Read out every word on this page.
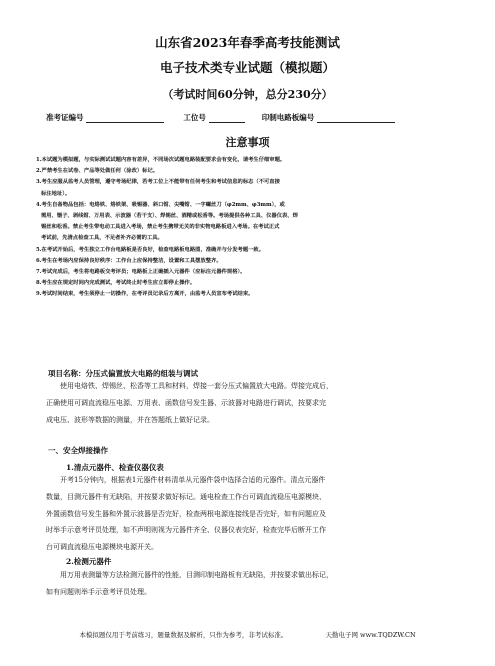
山东省2023年春季高考技能测试
电子技术类专业试题（模拟题）
（考试时间60分钟，总分230分）
准考证编号	工位号	印制电路板编号
注意事项
1.本试题为模拟题，与实际测试试题内容有差异，不同场次试题电路装配要求会有变化，请考生仔细审题。
2.严禁考生在试卷、产品等处做任何（涂改）标记。
3.考生应服从监考人员管理，遵守考场纪律，若考工位上不能带有任何考生和考试信息的标志（不可直接
标注地址）。
4.考生自备物品包括：电烙铁、烙铁架、吸锡器、斜口钳、尖嘴钳、一字螺丝刀（φ2mm、φ3mm），或
需用、镊子、剥线钳、万用表、示波器（若干支）、焊锡丝、酒精或松香等。考场提供各种工具、仪器仪表、焊
锡丝和松香。禁止考生带电动工具进入考场，禁止考生携带无关的非实物电路板进入考场。在考试正式
考试前，先清点检查工具，不足者补齐必需的工具。
5.在考试开始后，考生独立工作台电路板是否良好，检查电路板电路图，准确并与分发考题一致。
6.考生在考场内应保持良好秩序：工作台上应保持整洁，设置和工具摆放整齐。
7.考试完成后，考生将电路板交考评员；电路板上正确插入元器件（应标注元器件规格）。
8.考生应在规定时间内完成测试，考试终止时考生应立即停止操作。
9.考试时间结束，考生须停止一切操作，在考评员记录后方离开，由监考人员宣布考试结束。
项目名称：分压式偏置放大电路的组装与调试
使用电烙铁、焊锡丝、松香等工具和材料，焊接一套分压式偏置放大电路。焊接完成后，
正确使用可调直流稳压电源、万用表、函数信号发生器、示波器对电路进行调试，按要求完
成电压、波形等数据的测量，并在答题纸上做好记录。
一、安全焊接操作
1.清点元器件、检查仪器仪表
开考15分钟内，根据表1元器件材料清单从元器件袋中选择合适的元器件。清点元器件
数量，目测元器件有无缺陷，并按要求做好标记。通电检查工作台可调直流稳压电源模块、
外置函数信号发生器和外置示波器是否完好，检查两根电源连接线是否完好，如有问题应及
时举手示意考评员处理，如不声明则视为元器件齐全、仪器仪表完好，检查完毕后断开工作
台可调直流稳压电源模块电源开关。
2.检测元器件
用万用表测量等方法检测元器件的性能，目测印制电路板有无缺陷，并按要求做出标记，
如有问题则举手示意考评员处理。
本模拟题仅用于考前练习，题量数据及解析，只作为参考，非考试标准。	天勤电子网 www.TQDZW.CN
